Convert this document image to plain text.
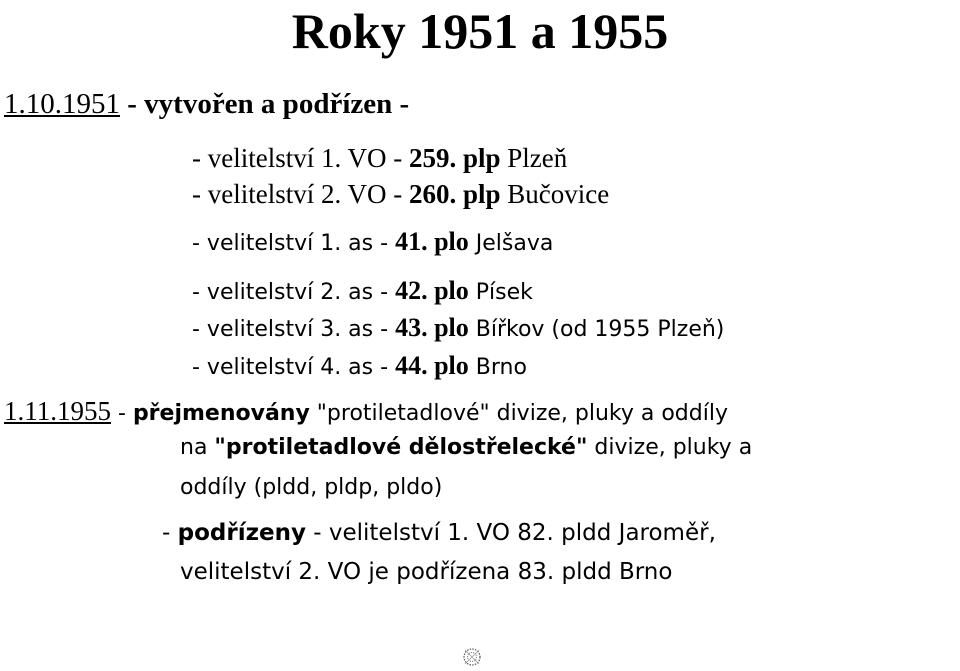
Roky 1951 a 1955
1.10.1951 - vytvořen a podřízen -
- velitelství 1. VO - 259. plp Plzeň
- velitelství 2. VO - 260. plp Bučovice
- velitelství 1. as - 41. plo Jelšava
- velitelství 2. as - 42. plo Písek
- velitelství 3. as - 43. plo Bířkov (od 1955 Plzeň)
- velitelství 4. as - 44. plo Brno
1.11.1955 - přejmenovány "protiletadlové" divize, pluky a oddíly
na "protiletadlové dělostřelecké" divize, pluky a
oddíly (pldd, pldp, pldo)
- podřízeny - velitelství 1. VO 82. pldd Jaroměř,
velitelství 2. VO je podřízena 83. pldd Brno
